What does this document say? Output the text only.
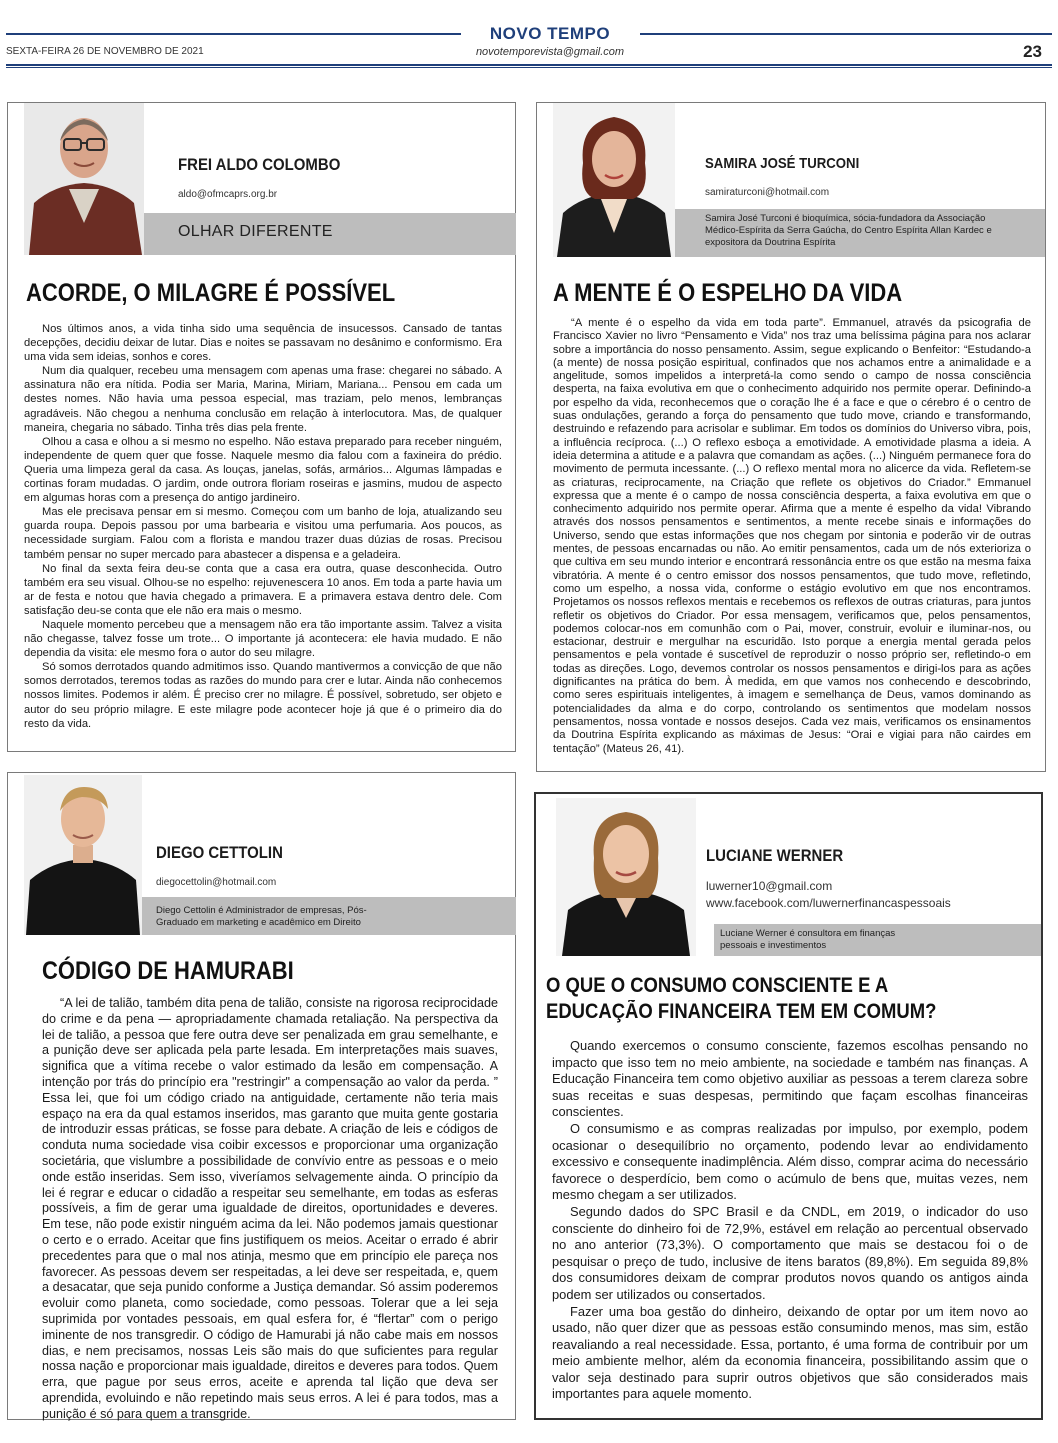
NOVO TEMPO
novotemporevista@gmail.com
SEXTA-FEIRA 26 DE NOVEMBRO DE 2021	23
FREI ALDO COLOMBO
aldo@ofmcaprs.org.br
OLHAR DIFERENTE
ACORDE, O MILAGRE É POSSÍVEL

Nos últimos anos, a vida tinha sido uma sequência de insucessos. Cansado de tantas decepções, decidiu deixar de lutar. Dias e noites se passavam no desânimo e conformismo. Era uma vida sem ideias, sonhos e cores.

Num dia qualquer, recebeu uma mensagem com apenas uma frase: chegarei no sábado. A assinatura não era nítida. Podia ser Maria, Marina, Miriam, Mariana... Pensou em cada um destes nomes. Não havia uma pessoa especial, mas traziam, pelo menos, lembranças agradáveis. Não chegou a nenhuma conclusão em relação à interlocutora. Mas, de qualquer maneira, chegaria no sábado. Tinha três dias pela frente.

Olhou a casa e olhou a si mesmo no espelho. Não estava preparado para receber ninguém, independente de quem quer que fosse. Naquele mesmo dia falou com a faxineira do prédio. Queria uma limpeza geral da casa. As louças, janelas, sofás, armários... Algumas lâmpadas e cortinas foram mudadas. O jardim, onde outrora floriam roseiras e jasmins, mudou de aspecto em algumas horas com a presença do antigo jardineiro.

Mas ele precisava pensar em si mesmo. Começou com um banho de loja, atualizando seu guarda roupa. Depois passou por uma barbearia e visitou uma perfumaria. Aos poucos, as necessidade surgiam. Falou com a florista e mandou trazer duas dúzias de rosas. Precisou também pensar no super mercado para abastecer a dispensa e a geladeira.

No final da sexta feira deu-se conta que a casa era outra, quase desconhecida. Outro também era seu visual. Olhou-se no espelho: rejuvenescera 10 anos. Em toda a parte havia um ar de festa e notou que havia chegado a primavera. E a primavera estava dentro dele. Com satisfação deu-se conta que ele não era mais o mesmo.

Naquele momento percebeu que a mensagem não era tão importante assim. Talvez a visita não chegasse, talvez fosse um trote... O importante já acontecera: ele havia mudado. E não dependia da visita: ele mesmo fora o autor do seu milagre.

Só somos derrotados quando admitimos isso. Quando mantivermos a convicção de que não somos derrotados, teremos todas as razões do mundo para crer e lutar. Ainda não conhecemos nossos limites. Podemos ir além. É preciso crer no milagre. É possível, sobretudo, ser objeto e autor do seu próprio milagre. E este milagre pode acontecer hoje já que é o primeiro dia do resto da vida.

SAMIRA JOSÉ TURCONI
samiraturconi@hotmail.com
Samira José Turconi é bioquímica, sócia-fundadora da Associação Médico-Espírita da Serra Gaúcha, do Centro Espírita Allan Kardec e expositora da Doutrina Espírita
A MENTE É O ESPELHO DA VIDA

“A mente é o espelho da vida em toda parte”. Emmanuel, através da psicografia de Francisco Xavier no livro “Pensamento e Vida” nos traz uma belíssima página para nos aclarar sobre a importância do nosso pensamento. Assim, segue explicando o Benfeitor: “Estudando-a (a mente) de nossa posição espiritual, confinados que nos achamos entre a animalidade e a angelitude, somos impelidos a interpretá-la como sendo o campo de nossa consciência desperta, na faixa evolutiva em que o conhecimento adquirido nos permite operar. Definindo-a por espelho da vida, reconhecemos que o coração lhe é a face e que o cérebro é o centro de suas ondulações, gerando a força do pensamento que tudo move, criando e transformando, destruindo e refazendo para acrisolar e sublimar. Em todos os domínios do Universo vibra, pois, a influência recíproca. (...) O reflexo esboça a emotividade. A emotividade plasma a ideia. A ideia determina a atitude e a palavra que comandam as ações. (...) Ninguém permanece fora do movimento de permuta incessante. (...) O reflexo mental mora no alicerce da vida. Refletem-se as criaturas, reciprocamente, na Criação que reflete os objetivos do Criador.” Emmanuel expressa que a mente é o campo de nossa consciência desperta, a faixa evolutiva em que o conhecimento adquirido nos permite operar. Afirma que a mente é espelho da vida! Vibrando através dos nossos pensamentos e sentimentos, a mente recebe sinais e informações do Universo, sendo que estas informações que nos chegam por sintonia e poderão vir de outras mentes, de pessoas encarnadas ou não. Ao emitir pensamentos, cada um de nós exterioriza o que cultiva em seu mundo interior e encontrará ressonância entre os que estão na mesma faixa vibratória. A mente é o centro emissor dos nossos pensamentos, que tudo move, refletindo, como um espelho, a nossa vida, conforme o estágio evolutivo em que nos encontramos. Projetamos os nossos reflexos mentais e recebemos os reflexos de outras criaturas, para juntos refletir os objetivos do Criador. Por essa mensagem, verificamos que, pelos pensamentos, podemos colocar-nos em comunhão com o Pai, mover, construir, evoluir e iluminar-nos, ou estacionar, destruir e mergulhar na escuridão. Isto porque a energia mental gerada pelos pensamentos e pela vontade é suscetível de reproduzir o nosso próprio ser, refletindo-o em todas as direções. Logo, devemos controlar os nossos pensamentos e dirigi-los para as ações dignificantes na prática do bem. À medida, em que vamos nos conhecendo e descobrindo, como seres espirituais inteligentes, à imagem e semelhança de Deus, vamos dominando as potencialidades da alma e do corpo, controlando os sentimentos que modelam nossos pensamentos, nossa vontade e nossos desejos. Cada vez mais, verificamos os ensinamentos da Doutrina Espírita explicando as máximas de Jesus: “Orai e vigiai para não cairdes em tentação” (Mateus 26, 41).

DIEGO CETTOLIN
diegocettolin@hotmail.com
Diego Cettolin é Administrador de empresas, Pós-Graduado em marketing e acadêmico em Direito
CÓDIGO DE HAMURABI

“A lei de talião, também dita pena de talião, consiste na rigorosa reciprocidade do crime e da pena — apropriadamente chamada retaliação. Na perspectiva da lei de talião, a pessoa que fere outra deve ser penalizada em grau semelhante, e a punição deve ser aplicada pela parte lesada. Em interpretações mais suaves, significa que a vítima recebe o valor estimado da lesão em compensação. A intenção por trás do princípio era "restringir" a compensação ao valor da perda. ” Essa lei, que foi um código criado na antiguidade, certamente não teria mais espaço na era da qual estamos inseridos, mas garanto que muita gente gostaria de introduzir essas práticas, se fosse para debate. A criação de leis e códigos de conduta numa sociedade visa coibir excessos e proporcionar uma organização societária, que vislumbre a possibilidade de convívio entre as pessoas e o meio onde estão inseridas. Sem isso, viveríamos selvagemente ainda. O princípio da lei é regrar e educar o cidadão a respeitar seu semelhante, em todas as esferas possíveis, a fim de gerar uma igualdade de direitos, oportunidades e deveres. Em tese, não pode existir ninguém acima da lei. Não podemos jamais questionar o certo e o errado. Aceitar que fins justifiquem os meios. Aceitar o errado é abrir precedentes para que o mal nos atinja, mesmo que em princípio ele pareça nos favorecer. As pessoas devem ser respeitadas, a lei deve ser respeitada, e, quem a desacatar, que seja punido conforme a Justiça demandar. Só assim poderemos evoluir como planeta, como sociedade, como pessoas. Tolerar que a lei seja suprimida por vontades pessoais, em qual esfera for, é “flertar” com o perigo iminente de nos transgredir. O código de Hamurabi já não cabe mais em nossos dias, e nem precisamos, nossas Leis são mais do que suficientes para regular nossa nação e proporcionar mais igualdade, direitos e deveres para todos. Quem erra, que pague por seus erros, aceite e aprenda tal lição que deva ser aprendida, evoluindo e não repetindo mais seus erros. A lei é para todos, mas a punição é só para quem a transgride.

LUCIANE WERNER
luwerner10@gmail.com
www.facebook.com/luwernerfinancaspessoais
Luciane Werner é consultora em finanças pessoais e investimentos
O QUE O CONSUMO CONSCIENTE E A
EDUCAÇÃO FINANCEIRA TEM EM COMUM?

Quando exercemos o consumo consciente, fazemos escolhas pensando no impacto que isso tem no meio ambiente, na sociedade e também nas finanças. A Educação Financeira tem como objetivo auxiliar as pessoas a terem clareza sobre suas receitas e suas despesas, permitindo que façam escolhas financeiras conscientes.

O consumismo e as compras realizadas por impulso, por exemplo, podem ocasionar o desequilíbrio no orçamento, podendo levar ao endividamento excessivo e consequente inadimplência. Além disso, comprar acima do necessário favorece o desperdício, bem como o acúmulo de bens que, muitas vezes, nem mesmo chegam a ser utilizados.

Segundo dados do SPC Brasil e da CNDL, em 2019, o indicador do uso consciente do dinheiro foi de 72,9%, estável em relação ao percentual observado no ano anterior (73,3%). O comportamento que mais se destacou foi o de pesquisar o preço de tudo, inclusive de itens baratos (89,8%). Em seguida 89,8% dos consumidores deixam de comprar produtos novos quando os antigos ainda podem ser utilizados ou consertados.

Fazer uma boa gestão do dinheiro, deixando de optar por um item novo ao usado, não quer dizer que as pessoas estão consumindo menos, mas sim, estão reavaliando a real necessidade. Essa, portanto, é uma forma de contribuir por um meio ambiente melhor, além da economia financeira, possibilitando assim que o valor seja destinado para suprir outros objetivos que são considerados mais importantes para aquele momento.
